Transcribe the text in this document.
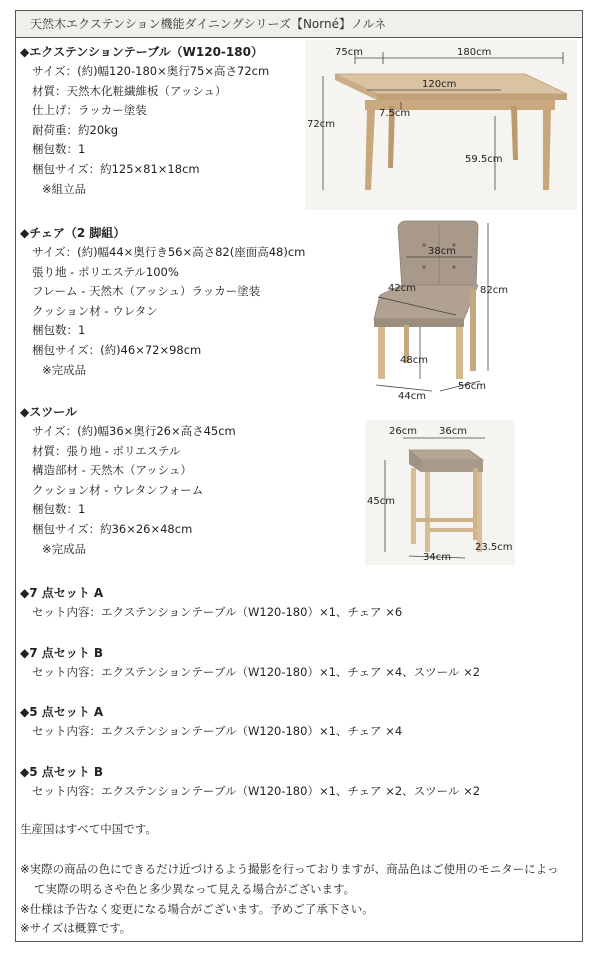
天然木エクステンション機能ダイニングシリーズ【Norné】ノルネ
◆エクステンションテーブル（W120-180）
サイズ：(約)幅120-180×奥行75×高さ72cm
材質：天然木化粧繊維板（アッシュ）
仕上げ：ラッカー塗装
耐荷重：約20kg
梱包数：1
梱包サイズ：約125×81×18cm
※組立品
75cm	180cm
120cm
72cm
7.5cm
59.5cm
◆チェア（2 脚組）
サイズ：(約)幅44×奥行き56×高さ82(座面高48)cm
張り地 - ポリエステル100%
フレーム - 天然木（アッシュ）ラッカー塗装
クッション材 - ウレタン
梱包数：1
梱包サイズ：(約)46×72×98cm
※完成品
38cm
42cm	82cm
48cm
44cm
56cm
◆スツール
サイズ：(約)幅36×奥行26×高さ45cm
材質：張り地 - ポリエステル
構造部材 - 天然木（アッシュ）
クッション材 - ウレタンフォーム
梱包数：1
梱包サイズ：約36×26×48cm
※完成品
26cm 36cm
45cm
34cm
23.5cm
◆7 点セット A
セット内容：エクステンションテーブル（W120-180）×1、チェア ×6
◆7 点セット B
セット内容：エクステンションテーブル（W120-180）×1、チェア ×4、スツール ×2
◆5 点セット A
セット内容：エクステンションテーブル（W120-180）×1、チェア ×4
◆5 点セット B
セット内容：エクステンションテーブル（W120-180）×1、チェア ×2、スツール ×2
生産国はすべて中国です。
※実際の商品の色にできるだけ近づけるよう撮影を行っておりますが、商品色はご使用のモニターによっ
て実際の明るさや色と多少異なって見える場合がございます。
※仕様は予告なく変更になる場合がございます。予めご了承下さい。
※サイズは概算です。
